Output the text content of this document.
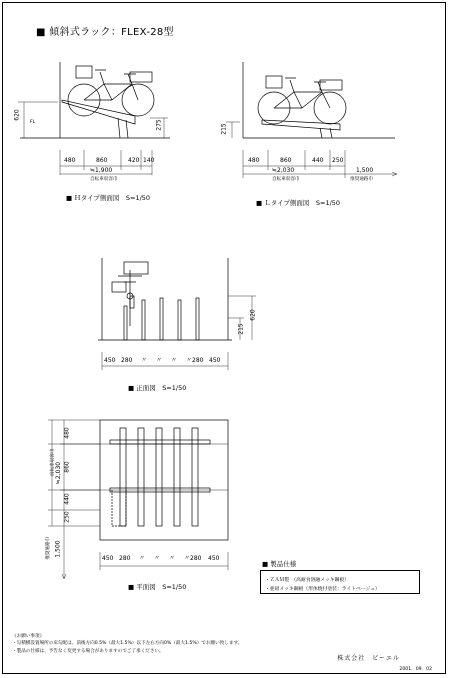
■ 傾斜式ラック：FLEX-28型
FL
620
275
480	860	420 140
≒1,900
自転車収容巾
■ Ｈタイプ側面図　S=1/50
215
480	860	440 250
≒2,030
自転車収容巾
1,500
推奨通路巾
■ Ｌタイプ側面図　S=1/50
215
620
450 280 〃 〃 〃 〃 280 450
■ 正面図　S=1/50
480
860
440
250
自転車収容巾 ≒2,030
1,500
推奨通路巾	450 280 〃 〃 〃 〃 280 450
■ 平面図　S=1/50
■ 製品仕様
・ＺＡＭ製　（高耐食溶融メッキ鋼板）
・亜鉛メッキ鋼板（形体焼付塗装：ライトベージュ）
《お願い事項》
・勾積横設置場所の床勾配は、前後方向0.5%（最大1.5%）以下左右方向0%（最大1.5%）でお願い致します。
・製品の仕様は、予告なく変更する場合がありますのでご了承ください。
株式会社　ビーエル
2001．09．02
